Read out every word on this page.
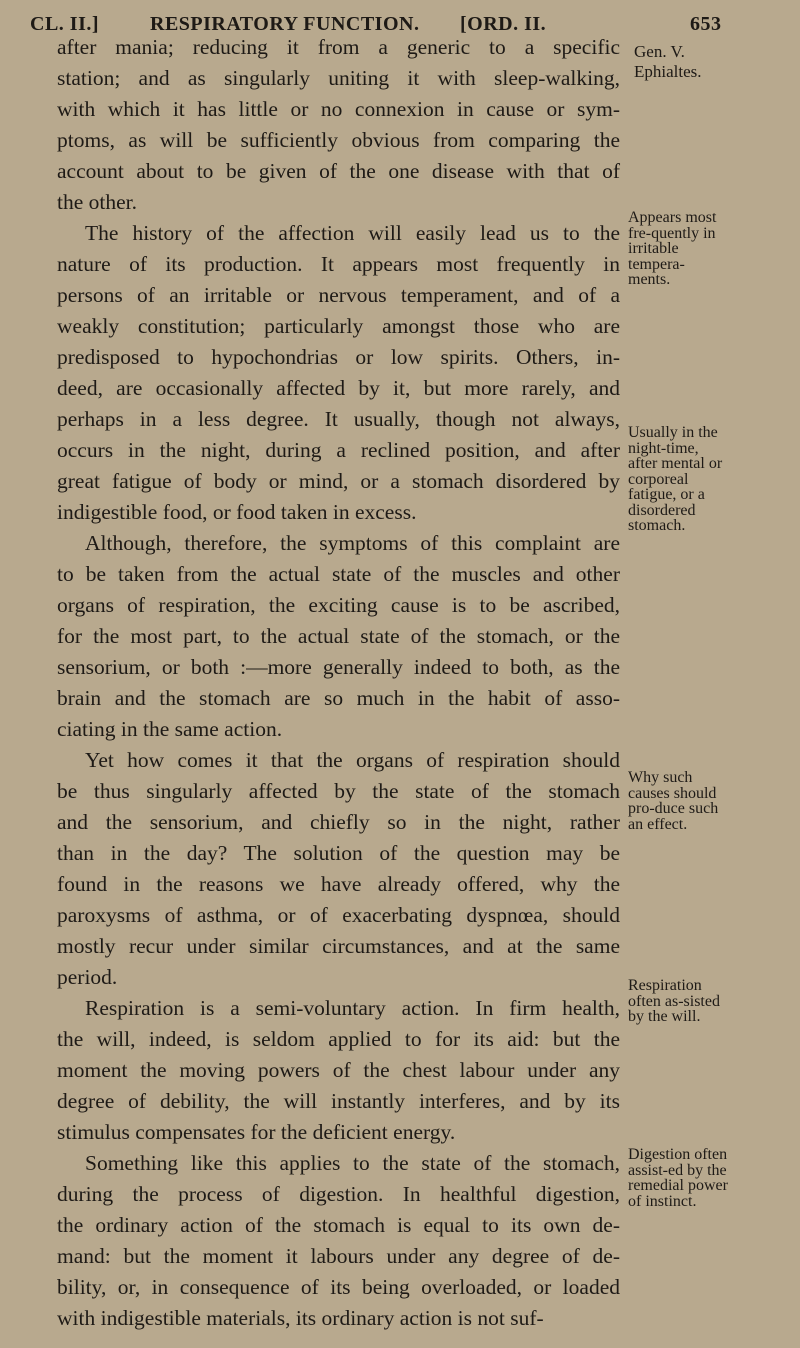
CL. II.]	RESPIRATORY FUNCTION. [ORD. II.	653
after mania; reducing it from a generic to a specific
station; and as singularly uniting it with sleep-walking,
with which it has little or no connexion in cause or sym-
ptoms, as will be sufficiently obvious from comparing the
account about to be given of the one disease with that of
the other.
The history of the affection will easily lead us to the
nature of its production. It appears most frequently in
persons of an irritable or nervous temperament, and of a
weakly constitution; particularly amongst those who are
predisposed to hypochondrias or low spirits. Others, in-
deed, are occasionally affected by it, but more rarely, and
perhaps in a less degree. It usually, though not always,
occurs in the night, during a reclined position, and after
great fatigue of body or mind, or a stomach disordered by
indigestible food, or food taken in excess.
Although, therefore, the symptoms of this complaint are
to be taken from the actual state of the muscles and other
organs of respiration, the exciting cause is to be ascribed,
for the most part, to the actual state of the stomach, or the
sensorium, or both :—more generally indeed to both, as the
brain and the stomach are so much in the habit of asso-
ciating in the same action.
Yet how comes it that the organs of respiration should
be thus singularly affected by the state of the stomach
and the sensorium, and chiefly so in the night, rather
than in the day? The solution of the question may be
found in the reasons we have already offered, why the
paroxysms of asthma, or of exacerbating dyspnœa, should
mostly recur under similar circumstances, and at the same
period.
Respiration is a semi-voluntary action. In firm health,
the will, indeed, is seldom applied to for its aid: but the
moment the moving powers of the chest labour under any
degree of debility, the will instantly interferes, and by its
stimulus compensates for the deficient energy.
Something like this applies to the state of the stomach,
during the process of digestion. In healthful digestion,
the ordinary action of the stomach is equal to its own de-
mand: but the moment it labours under any degree of de-
bility, or, in consequence of its being overloaded, or loaded
with indigestible materials, its ordinary action is not suf-
Gen. V. Ephialtes.
Appears most fre-quently in irritable tempera-ments.
Usually in the night-time, after mental or corporeal fatigue, or a disordered stomach.
Why such causes should pro-duce such an effect.
Respiration often as-sisted by the will.
Digestion often assist-ed by the remedial power of instinct.
